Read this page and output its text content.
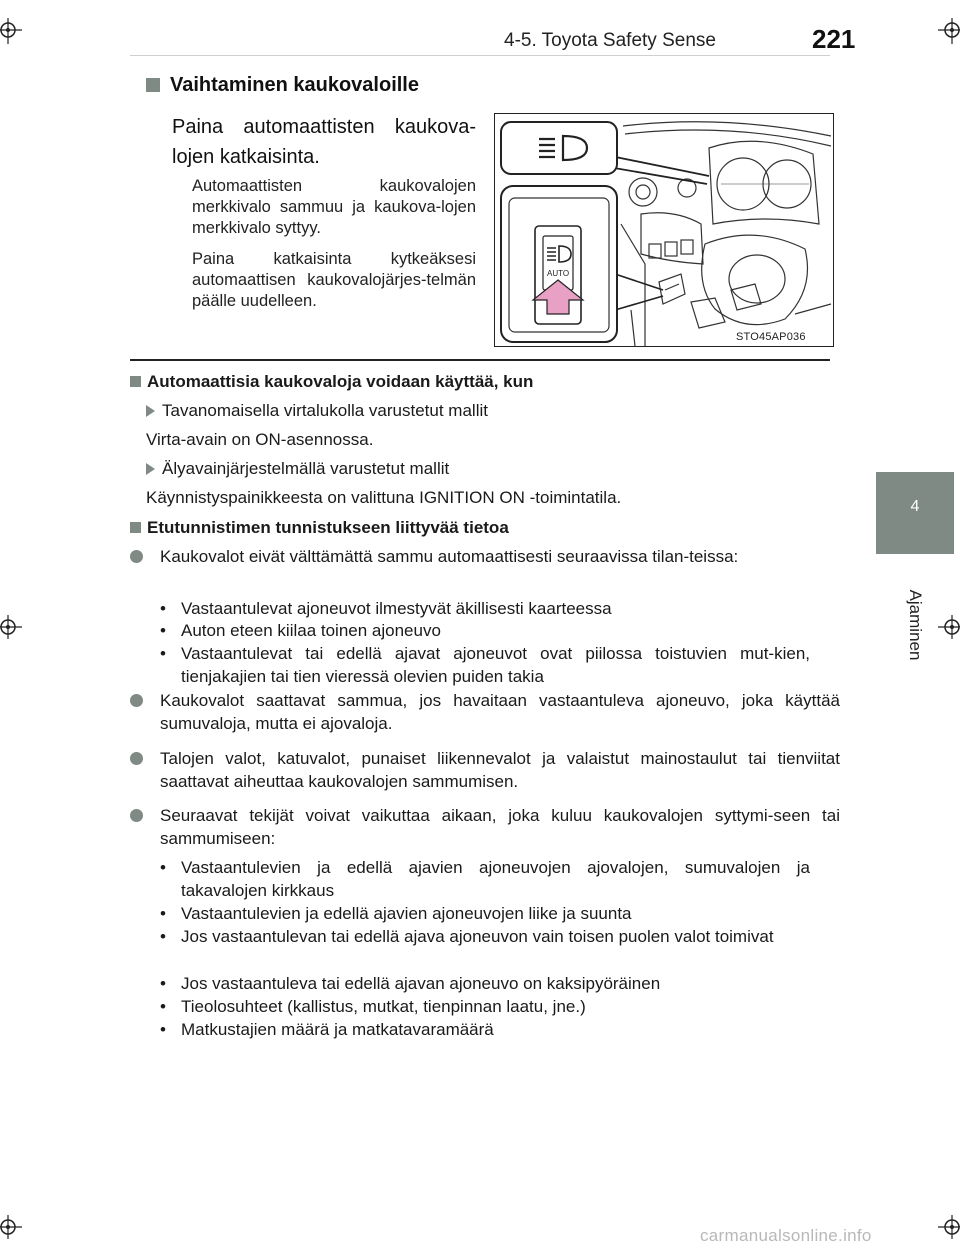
4-5. Toyota Safety Sense	221
4
Ajaminen
Vaihtaminen kaukovaloille
Paina automaattisten kaukova-lojen katkaisinta.
Automaattisten kaukovalojen merkkivalo sammuu ja kaukova-lojen merkkivalo syttyy.
Paina katkaisinta kytkeäksesi automaattisen kaukovalojärjes-telmän päälle uudelleen.
AUTO
STO45AP036
Automaattisia kaukovaloja voidaan käyttää, kun
Tavanomaisella virtalukolla varustetut mallit
Virta-avain on ON-asennossa.
Älyavainjärjestelmällä varustetut mallit
Käynnistyspainikkeesta on valittuna IGNITION ON -toimintatila.
Etutunnistimen tunnistukseen liittyvää tietoa
Kaukovalot eivät välttämättä sammu automaattisesti seuraavissa tilan-teissa:
• Vastaantulevat ajoneuvot ilmestyvät äkillisesti kaarteessa
• Auton eteen kiilaa toinen ajoneuvo
• Vastaantulevat tai edellä ajavat ajoneuvot ovat piilossa toistuvien mut-kien, tienjakajien tai tien vieressä olevien puiden takia
Kaukovalot saattavat sammua, jos havaitaan vastaantuleva ajoneuvo, joka käyttää sumuvaloja, mutta ei ajovaloja.
Talojen valot, katuvalot, punaiset liikennevalot ja valaistut mainostaulut tai tienviitat saattavat aiheuttaa kaukovalojen sammumisen.
Seuraavat tekijät voivat vaikuttaa aikaan, joka kuluu kaukovalojen syttymi-seen tai sammumiseen:
• Vastaantulevien ja edellä ajavien ajoneuvojen ajovalojen, sumuvalojen ja takavalojen kirkkaus
• Vastaantulevien ja edellä ajavien ajoneuvojen liike ja suunta
• Jos vastaantulevan tai edellä ajava ajoneuvon vain toisen puolen valot toimivat
• Jos vastaantuleva tai edellä ajavan ajoneuvo on kaksipyöräinen
• Tieolosuhteet (kallistus, mutkat, tienpinnan laatu, jne.)
• Matkustajien määrä ja matkatavaramäärä
carmanualsonline.info
